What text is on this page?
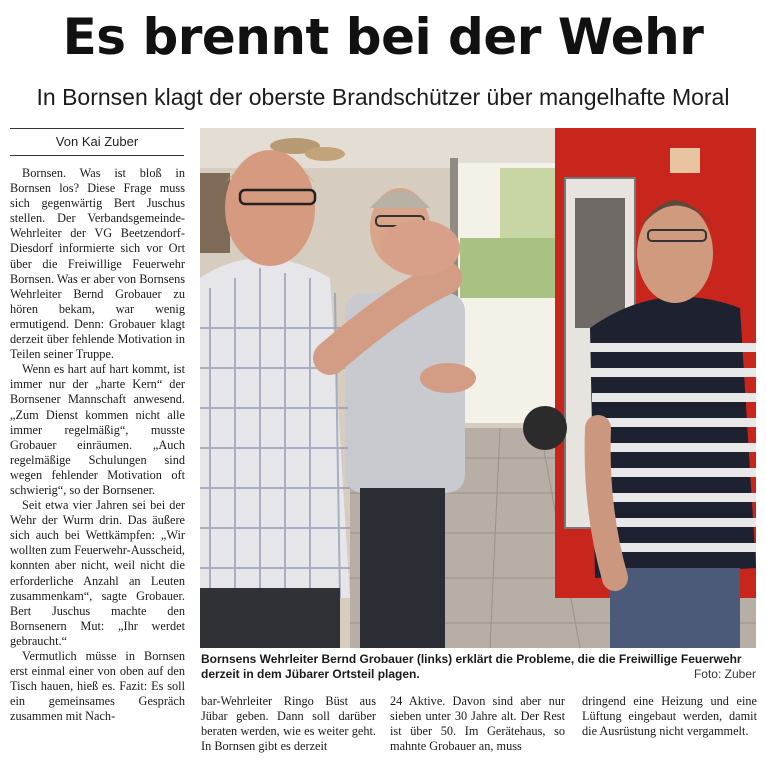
Es brennt bei der Wehr
In Bornsen klagt der oberste Brandschützer über mangelhafte Moral
Von Kai Zuber

Bornsen. Was ist bloß in Bornsen los? Diese Frage muss sich gegenwärtig Bert Juschus stellen. Der Verbandsgemeinde-Wehrleiter der VG Beetzendorf-Diesdorf informierte sich vor Ort über die Freiwillige Feuerwehr Bornsen. Was er aber von Bornsens Wehrleiter Bernd Grobauer zu hören bekam, war wenig ermutigend. Denn: Grobauer klagt derzeit über fehlende Motivation in Teilen seiner Truppe.

Wenn es hart auf hart kommt, ist immer nur der „harte Kern“ der Bornsener Mannschaft anwesend. „Zum Dienst kommen nicht alle immer regelmäßig“, musste Grobauer einräumen. „Auch regelmäßige Schulungen sind wegen fehlender Motivation oft schwierig“, so der Bornsener.

Seit etwa vier Jahren sei bei der Wehr der Wurm drin. Das äußere sich auch bei Wettkämpfen: „Wir wollten zum Feuerwehr-Ausscheid, konnten aber nicht, weil nicht die erforderliche Anzahl an Leuten zusammenkam“, sagte Grobauer. Bert Juschus machte den Bornsenern Mut: „Ihr werdet gebraucht.“

Vermutlich müsse in Bornsen erst einmal einer von oben auf den Tisch hauen, hieß es. Fazit: Es soll ein gemeinsames Gespräch zusammen mit Nach-

Bornsens Wehrleiter Bernd Grobauer (links) erklärt die Probleme, die die Freiwillige Feuerwehr derzeit in dem Jübarer Ortsteil plagen.	Foto: Zuber

bar-Wehrleiter Ringo Büst aus Jübar geben. Dann soll darüber beraten werden, wie es weiter geht. In Bornsen gibt es derzeit

24 Aktive. Davon sind aber nur sieben unter 30 Jahre alt. Der Rest ist über 50. Im Gerätehaus, so mahnte Grobauer an, muss

dringend eine Heizung und eine Lüftung eingebaut werden, damit die Ausrüstung nicht vergammelt.
